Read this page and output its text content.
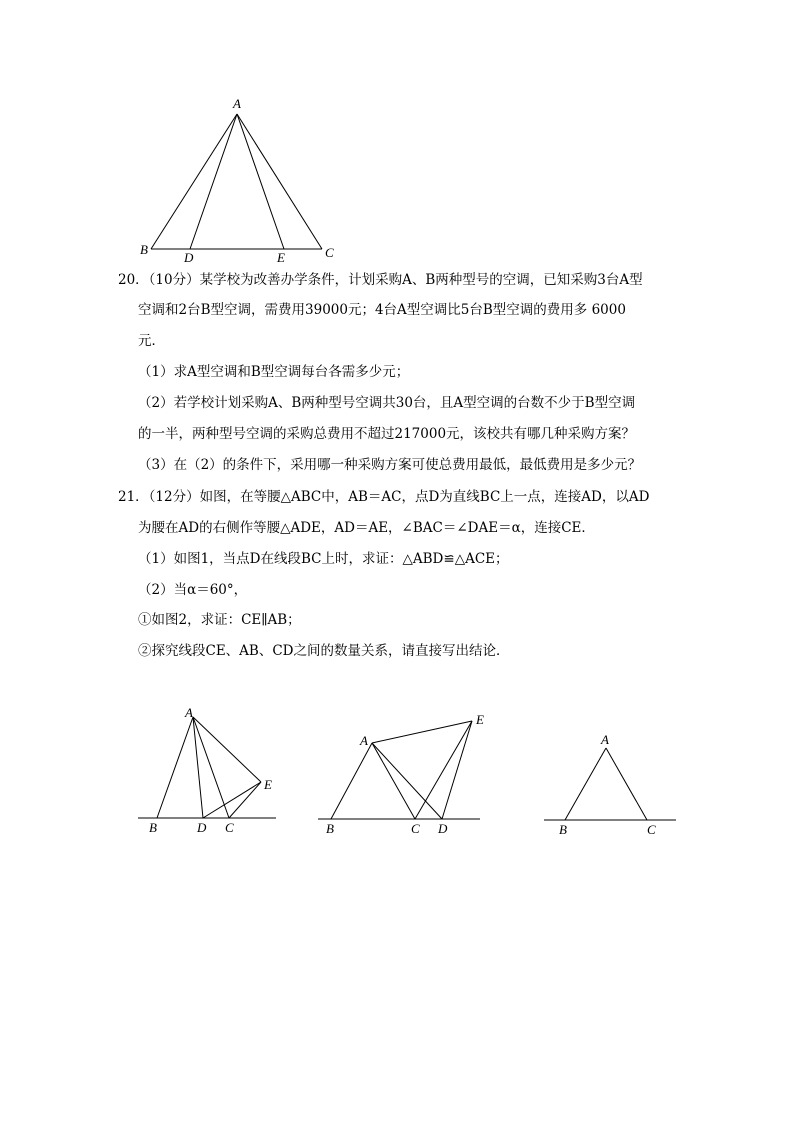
A
B
D	E	C
20．（10分）某学校为改善办学条件，计划采购A、B两种型号的空调，已知采购3台A型
空调和2台B型空调，需费用39000元；4台A型空调比5台B型空调的费用多 6000
元．
（1）求A型空调和B型空调每台各需多少元；
（2）若学校计划采购A、B两种型号空调共30台，且A型空调的台数不少于B型空调
的一半，两种型号空调的采购总费用不超过217000元，该校共有哪几种采购方案？
（3）在（2）的条件下，采用哪一种采购方案可使总费用最低，最低费用是多少元？
21．（12分）如图，在等腰△ABC中，AB＝AC，点D为直线BC上一点，连接AD，以AD
为腰在AD的右侧作等腰△ADE，AD＝AE，∠BAC＝∠DAE＝α，连接CE．
（1）如图1，当点D在线段BC上时，求证：△ABD≌△ACE；
（2）当α＝60°，
①如图2，求证：CE∥AB；
②探究线段CE、AB、CD之间的数量关系，请直接写出结论．
A
B	D C
E
A
E
B	C D
A
B	C
